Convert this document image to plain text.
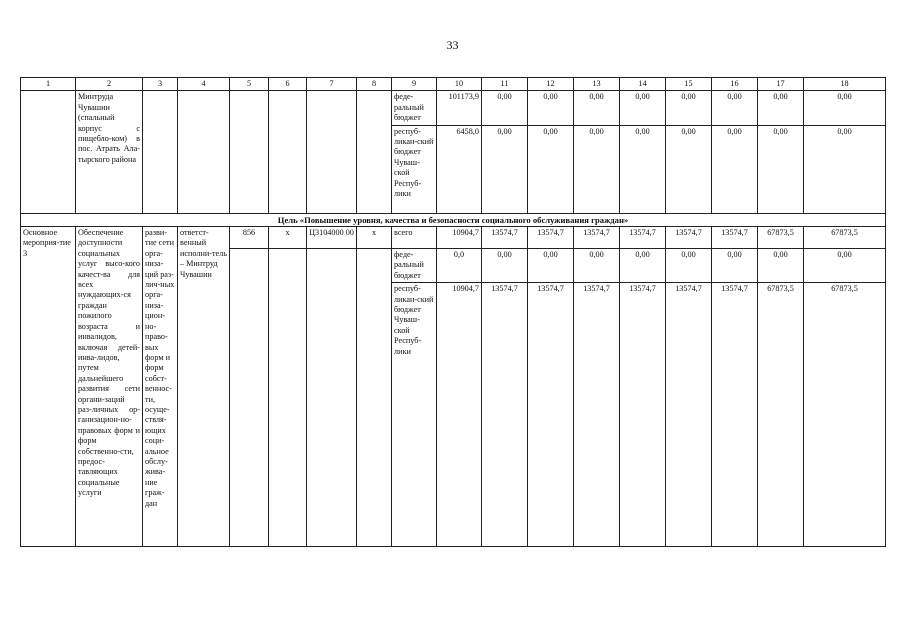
33
1	2	3	4	5	6	7	8	9	10	11	12	13	14	15	16	17	18
	Минтруда Чувашии (спальный корпус с пищебло-ком) в пос. Атрать Ала-тырского района							феде-ральный бюджет	101173,9	0,00	0,00	0,00	0,00	0,00	0,00	0,00	0,00
								респуб-ликан-ский бюджет Чуваш-ской Респуб-лики	6458,0	0,00	0,00	0,00	0,00	0,00	0,00	0,00	0,00
Цель «Повышение уровня, качества и безопасности социального обслуживания граждан»																	
Основное мероприя-тие 3	Обеспечение доступности социальных услуг высо-кого качест-ва для всех нуждающих-ся граждан пожилого возраста и инвалидов, включая детей-инва-лидов, путем дальнейшего развития сети органи-заций раз-личных ор-ганизацион-но-правовых форм и форм собственно-сти, предос-тавляющих социальные услуги	разви-тие сети орга-низа-ций раз-лич-ных орга-низа-цион-но-право-вых форм и форм собст-веннос-ти, осуще-ствля-ющих соци-альное обслу-жива-ние граж-дан	ответст-венный исполни-тель – Минтруд Чувашии	856	х	Ц3104000 00	х	всего	10904,7	13574,7	13574,7	13574,7	13574,7	13574,7	13574,7	67873,5	67873,5
								феде-ральный бюджет	0,0	0,00	0,00	0,00	0,00	0,00	0,00	0,00	0,00
								респуб-ликан-ский бюджет Чуваш-ской Респуб-лики	10904,7	13574,7	13574,7	13574,7	13574,7	13574,7	13574,7	67873,5	67873,5
